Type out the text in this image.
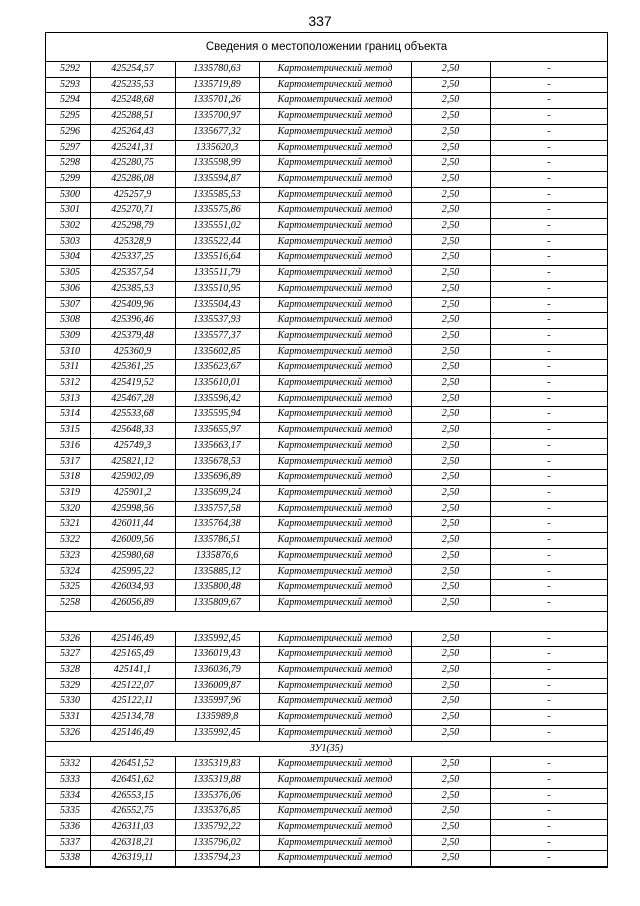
337
Сведения о местоположении границ объекта
5292	425254,57	1335780,63	Картометрический метод	2,50	-
5293	425235,53	1335719,89	Картометрический метод	2,50	-
5294	425248,68	1335701,26	Картометрический метод	2,50	-
5295	425288,51	1335700,97	Картометрический метод	2,50	-
5296	425264,43	1335677,32	Картометрический метод	2,50	-
5297	425241,31	1335620,3	Картометрический метод	2,50	-
5298	425280,75	1335598,99	Картометрический метод	2,50	-
5299	425286,08	1335594,87	Картометрический метод	2,50	-
5300	425257,9	1335585,53	Картометрический метод	2,50	-
5301	425270,71	1335575,86	Картометрический метод	2,50	-
5302	425298,79	1335551,02	Картометрический метод	2,50	-
5303	425328,9	1335522,44	Картометрический метод	2,50	-
5304	425337,25	1335516,64	Картометрический метод	2,50	-
5305	425357,54	1335511,79	Картометрический метод	2,50	-
5306	425385,53	1335510,95	Картометрический метод	2,50	-
5307	425409,96	1335504,43	Картометрический метод	2,50	-
5308	425396,46	1335537,93	Картометрический метод	2,50	-
5309	425379,48	1335577,37	Картометрический метод	2,50	-
5310	425360,9	1335602,85	Картометрический метод	2,50	-
5311	425361,25	1335623,67	Картометрический метод	2,50	-
5312	425419,52	1335610,01	Картометрический метод	2,50	-
5313	425467,28	1335596,42	Картометрический метод	2,50	-
5314	425533,68	1335595,94	Картометрический метод	2,50	-
5315	425648,33	1335655,97	Картометрический метод	2,50	-
5316	425749,3	1335663,17	Картометрический метод	2,50	-
5317	425821,12	1335678,53	Картометрический метод	2,50	-
5318	425902,09	1335696,89	Картометрический метод	2,50	-
5319	425901,2	1335699,24	Картометрический метод	2,50	-
5320	425998,56	1335757,58	Картометрический метод	2,50	-
5321	426011,44	1335764,38	Картометрический метод	2,50	-
5322	426009,56	1335786,51	Картометрический метод	2,50	-
5323	425980,68	1335876,6	Картометрический метод	2,50	-
5324	425995,22	1335885,12	Картометрический метод	2,50	-
5325	426034,93	1335800,48	Картометрический метод	2,50	-
5258	426056,89	1335809,67	Картометрический метод	2,50	-

5326	425146,49	1335992,45	Картометрический метод	2,50	-
5327	425165,49	1336019,43	Картометрический метод	2,50	-
5328	425141,1	1336036,79	Картометрический метод	2,50	-
5329	425122,07	1336009,87	Картометрический метод	2,50	-
5330	425122,11	1335997,96	Картометрический метод	2,50	-
5331	425134,78	1335989,8	Картометрический метод	2,50	-
5326	425146,49	1335992,45	Картометрический метод	2,50	-
ЗУ1(35)					
5332	426451,52	1335319,83	Картометрический метод	2,50	-
5333	426451,62	1335319,88	Картометрический метод	2,50	-
5334	426553,15	1335376,06	Картометрический метод	2,50	-
5335	426552,75	1335376,85	Картометрический метод	2,50	-
5336	426311,03	1335792,22	Картометрический метод	2,50	-
5337	426318,21	1335796,02	Картометрический метод	2,50	-
5338	426319,11	1335794,23	Картометрический метод	2,50	-
